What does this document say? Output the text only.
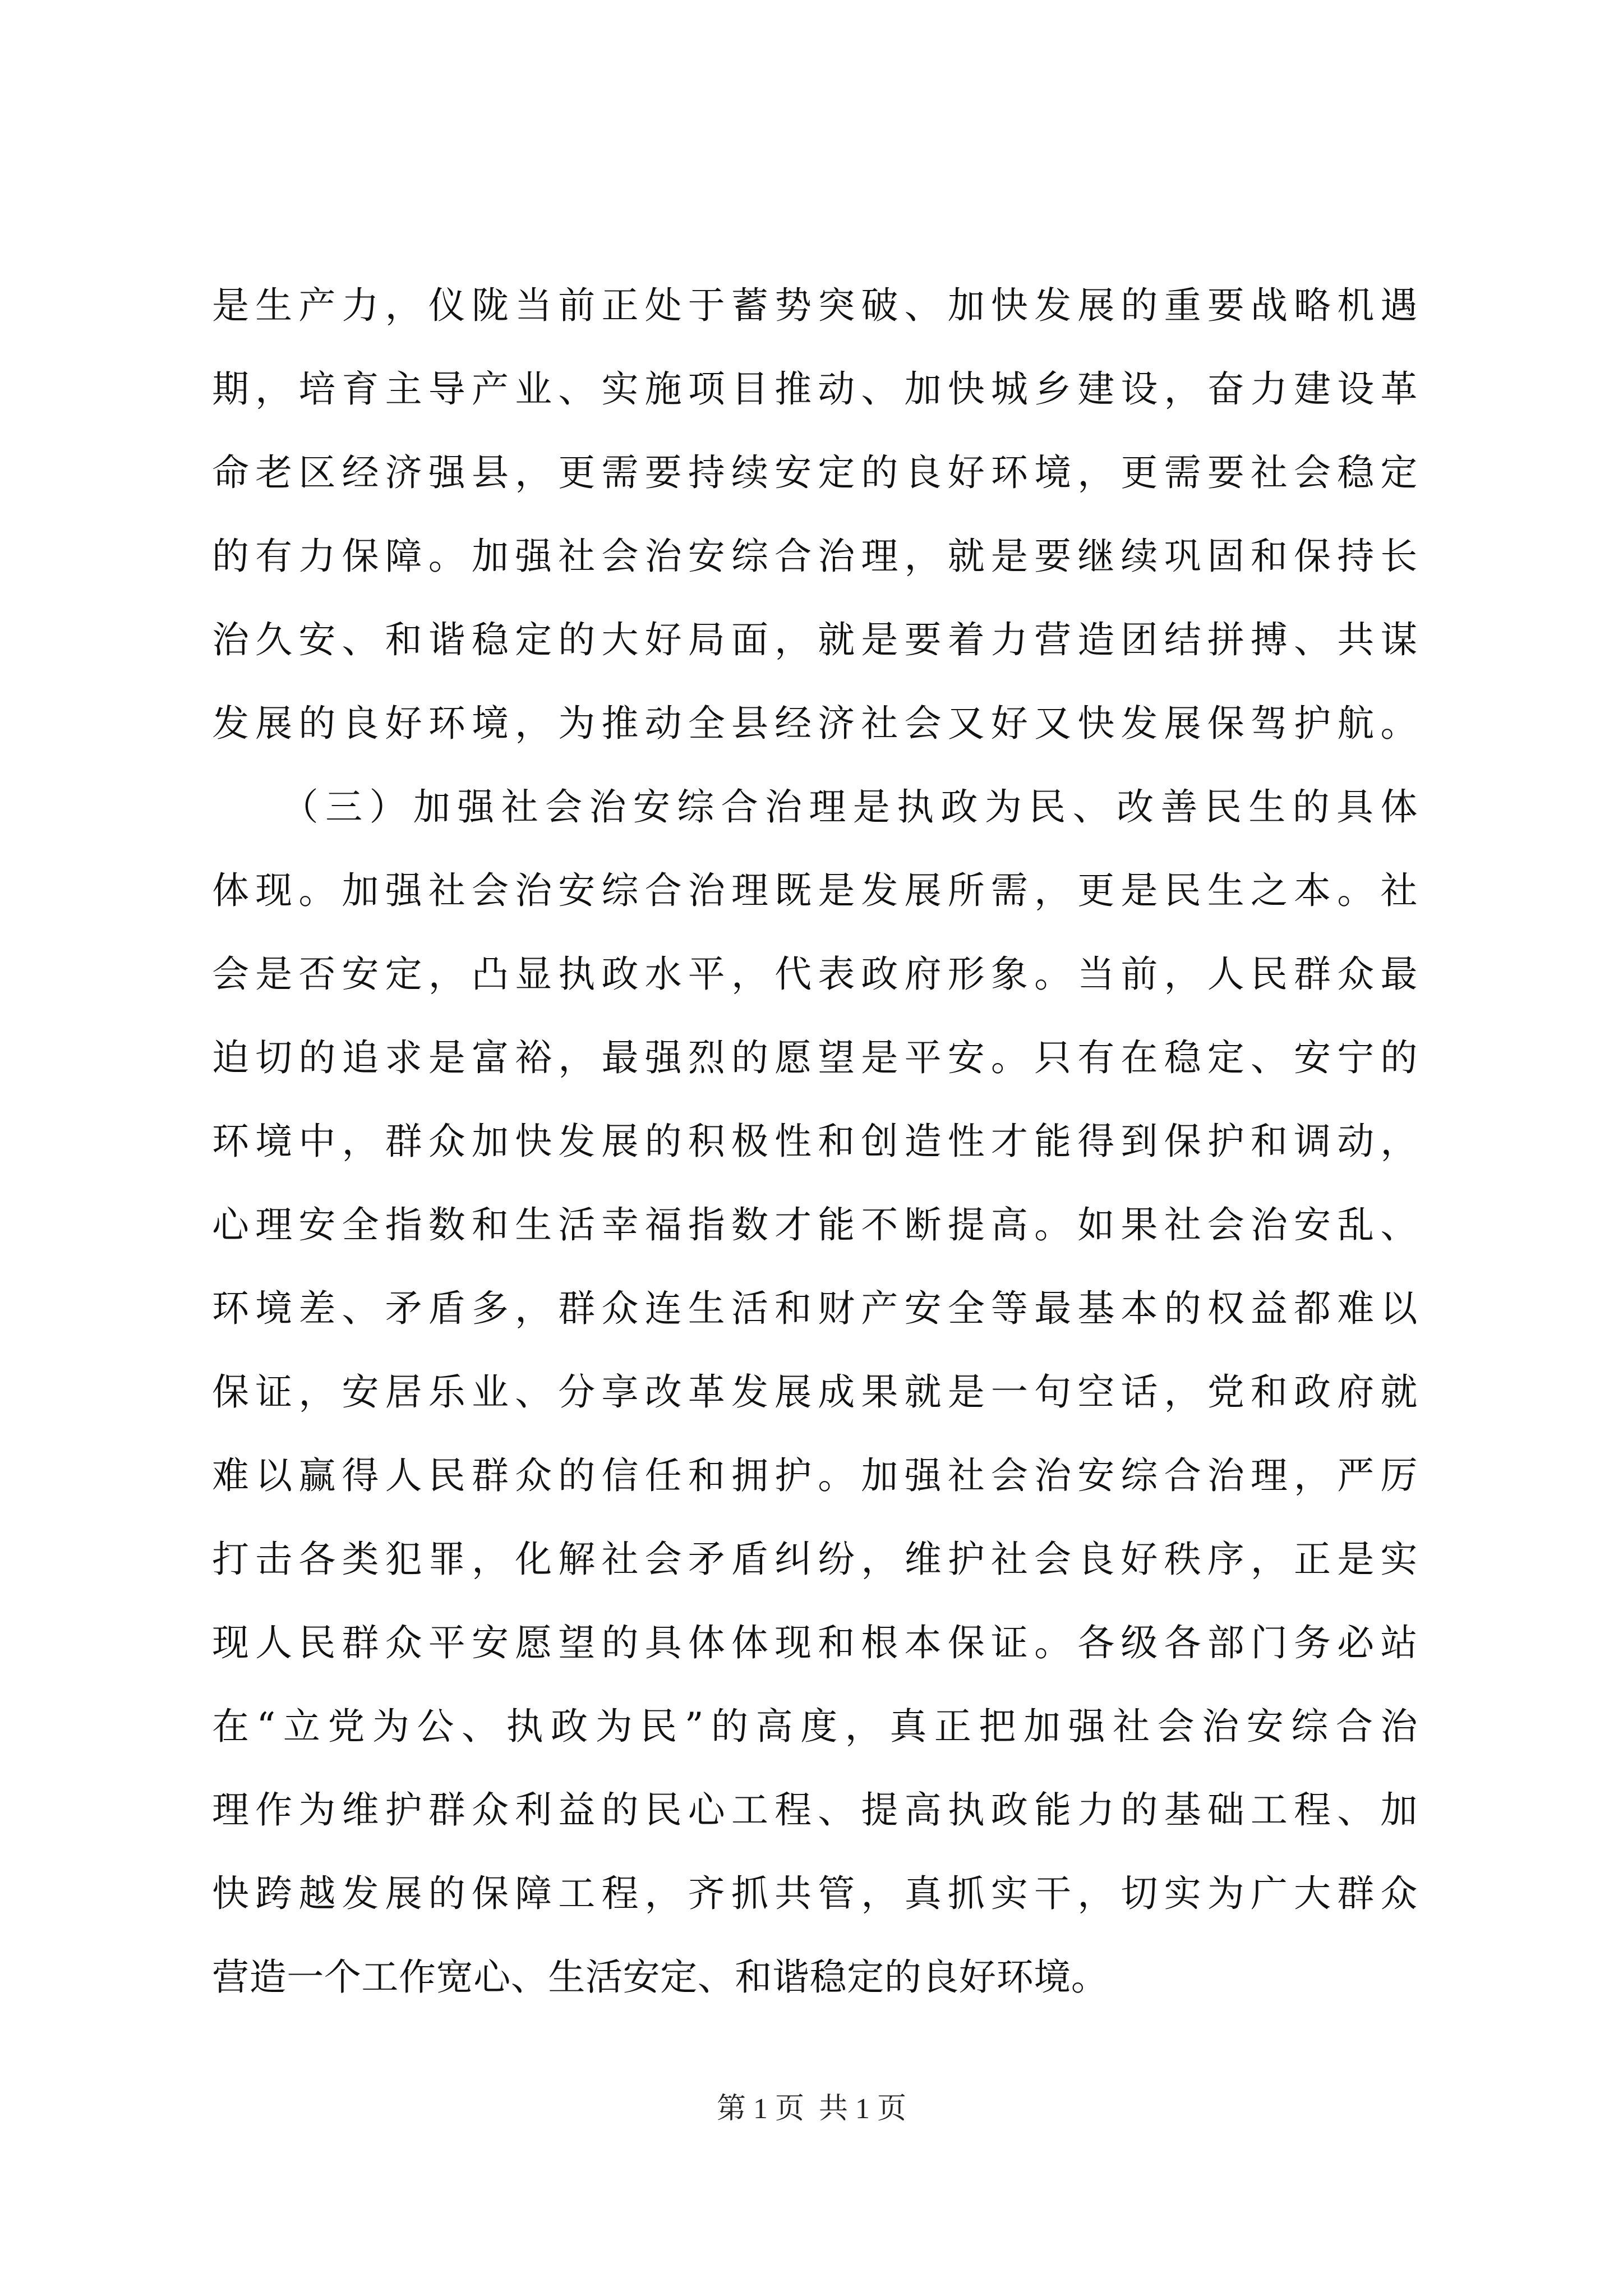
是生产力，仪陇当前正处于蓄势突破、加快发展的重要战略机遇
期，培育主导产业、实施项目推动、加快城乡建设，奋力建设革
命老区经济强县，更需要持续安定的良好环境，更需要社会稳定
的有力保障。加强社会治安综合治理，就是要继续巩固和保持长
治久安、和谐稳定的大好局面，就是要着力营造团结拼搏、共谋
发展的良好环境，为推动全县经济社会又好又快发展保驾护航。
　　（三）加强社会治安综合治理是执政为民、改善民生的具体
体现。加强社会治安综合治理既是发展所需，更是民生之本。社
会是否安定，凸显执政水平，代表政府形象。当前，人民群众最
迫切的追求是富裕，最强烈的愿望是平安。只有在稳定、安宁的
环境中，群众加快发展的积极性和创造性才能得到保护和调动，
心理安全指数和生活幸福指数才能不断提高。如果社会治安乱、
环境差、矛盾多，群众连生活和财产安全等最基本的权益都难以
保证，安居乐业、分享改革发展成果就是一句空话，党和政府就
难以赢得人民群众的信任和拥护。加强社会治安综合治理，严厉
打击各类犯罪，化解社会矛盾纠纷，维护社会良好秩序，正是实
现人民群众平安愿望的具体体现和根本保证。各级各部门务必站
在“立党为公、执政为民”的高度，真正把加强社会治安综合治
理作为维护群众利益的民心工程、提高执政能力的基础工程、加
快跨越发展的保障工程，齐抓共管，真抓实干，切实为广大群众
营造一个工作宽心、生活安定、和谐稳定的良好环境。
第 1 页  共 1 页
